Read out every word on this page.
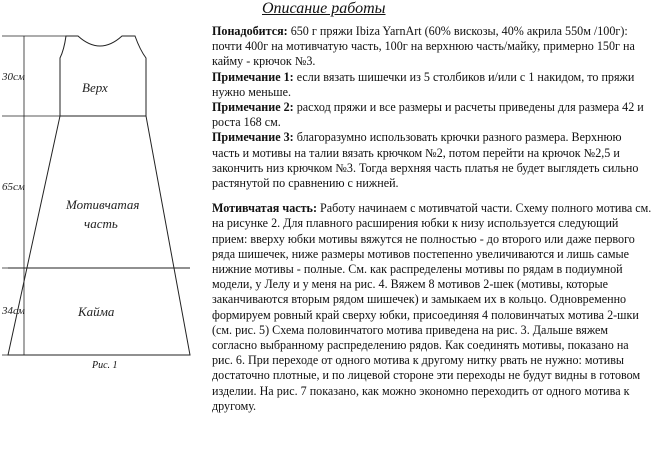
30см
65см
34см
Верх
Мотивчатая
часть
Кайма
Рис. 1
Описание работы

Понадобится: 650 г пряжи Ibiza YarnArt (60% вискозы, 40% акрила 550м /100г): почти 400г на мотивчатую часть, 100г на верхнюю часть/майку, примерно 150г на кайму - крючок №3.

Примечание 1: если вязать шишечки из 5 столбиков и/или с 1 накидом, то пряжи нужно меньше.

Примечание 2: расход пряжи и все размеры и расчеты приведены для размера 42 и роста 168 см.

Примечание 3: благоразумно использовать крючки разного размера. Верхнюю часть и мотивы на талии вязать крючком №2, потом перейти на крючок №2,5 и закончить низ крючком №3. Тогда верхняя часть платья не будет выглядеть сильно растянутой по сравнению с нижней.

Мотивчатая часть: Работу начинаем с мотивчатой части. Схему полного мотива см. на рисунке 2. Для плавного расширения юбки к низу используется следующий прием: вверху юбки мотивы вяжутся не полностью - до второго или даже первого ряда шишечек, ниже размеры мотивов постепенно увеличиваются и лишь самые нижние мотивы - полные. См. как распределены мотивы по рядам в подиумной модели, у Лелу и у меня на рис. 4. Вяжем 8 мотивов 2-шек (мотивы, которые заканчиваются вторым рядом шишечек) и замыкаем их в кольцо. Одновременно формируем ровный край сверху юбки, присоединяя 4 половинчатых мотива 2-шки (см. рис. 5) Схема половинчатого мотива приведена на рис. 3. Дальше вяжем согласно выбранному распределению рядов. Как соединять мотивы, показано на рис. 6. При переходе от одного мотива к другому нитку рвать не нужно: мотивы достаточно плотные, и по лицевой стороне эти переходы не будут видны в готовом изделии. На рис. 7 показано, как можно экономно переходить от одного мотива к другому.
